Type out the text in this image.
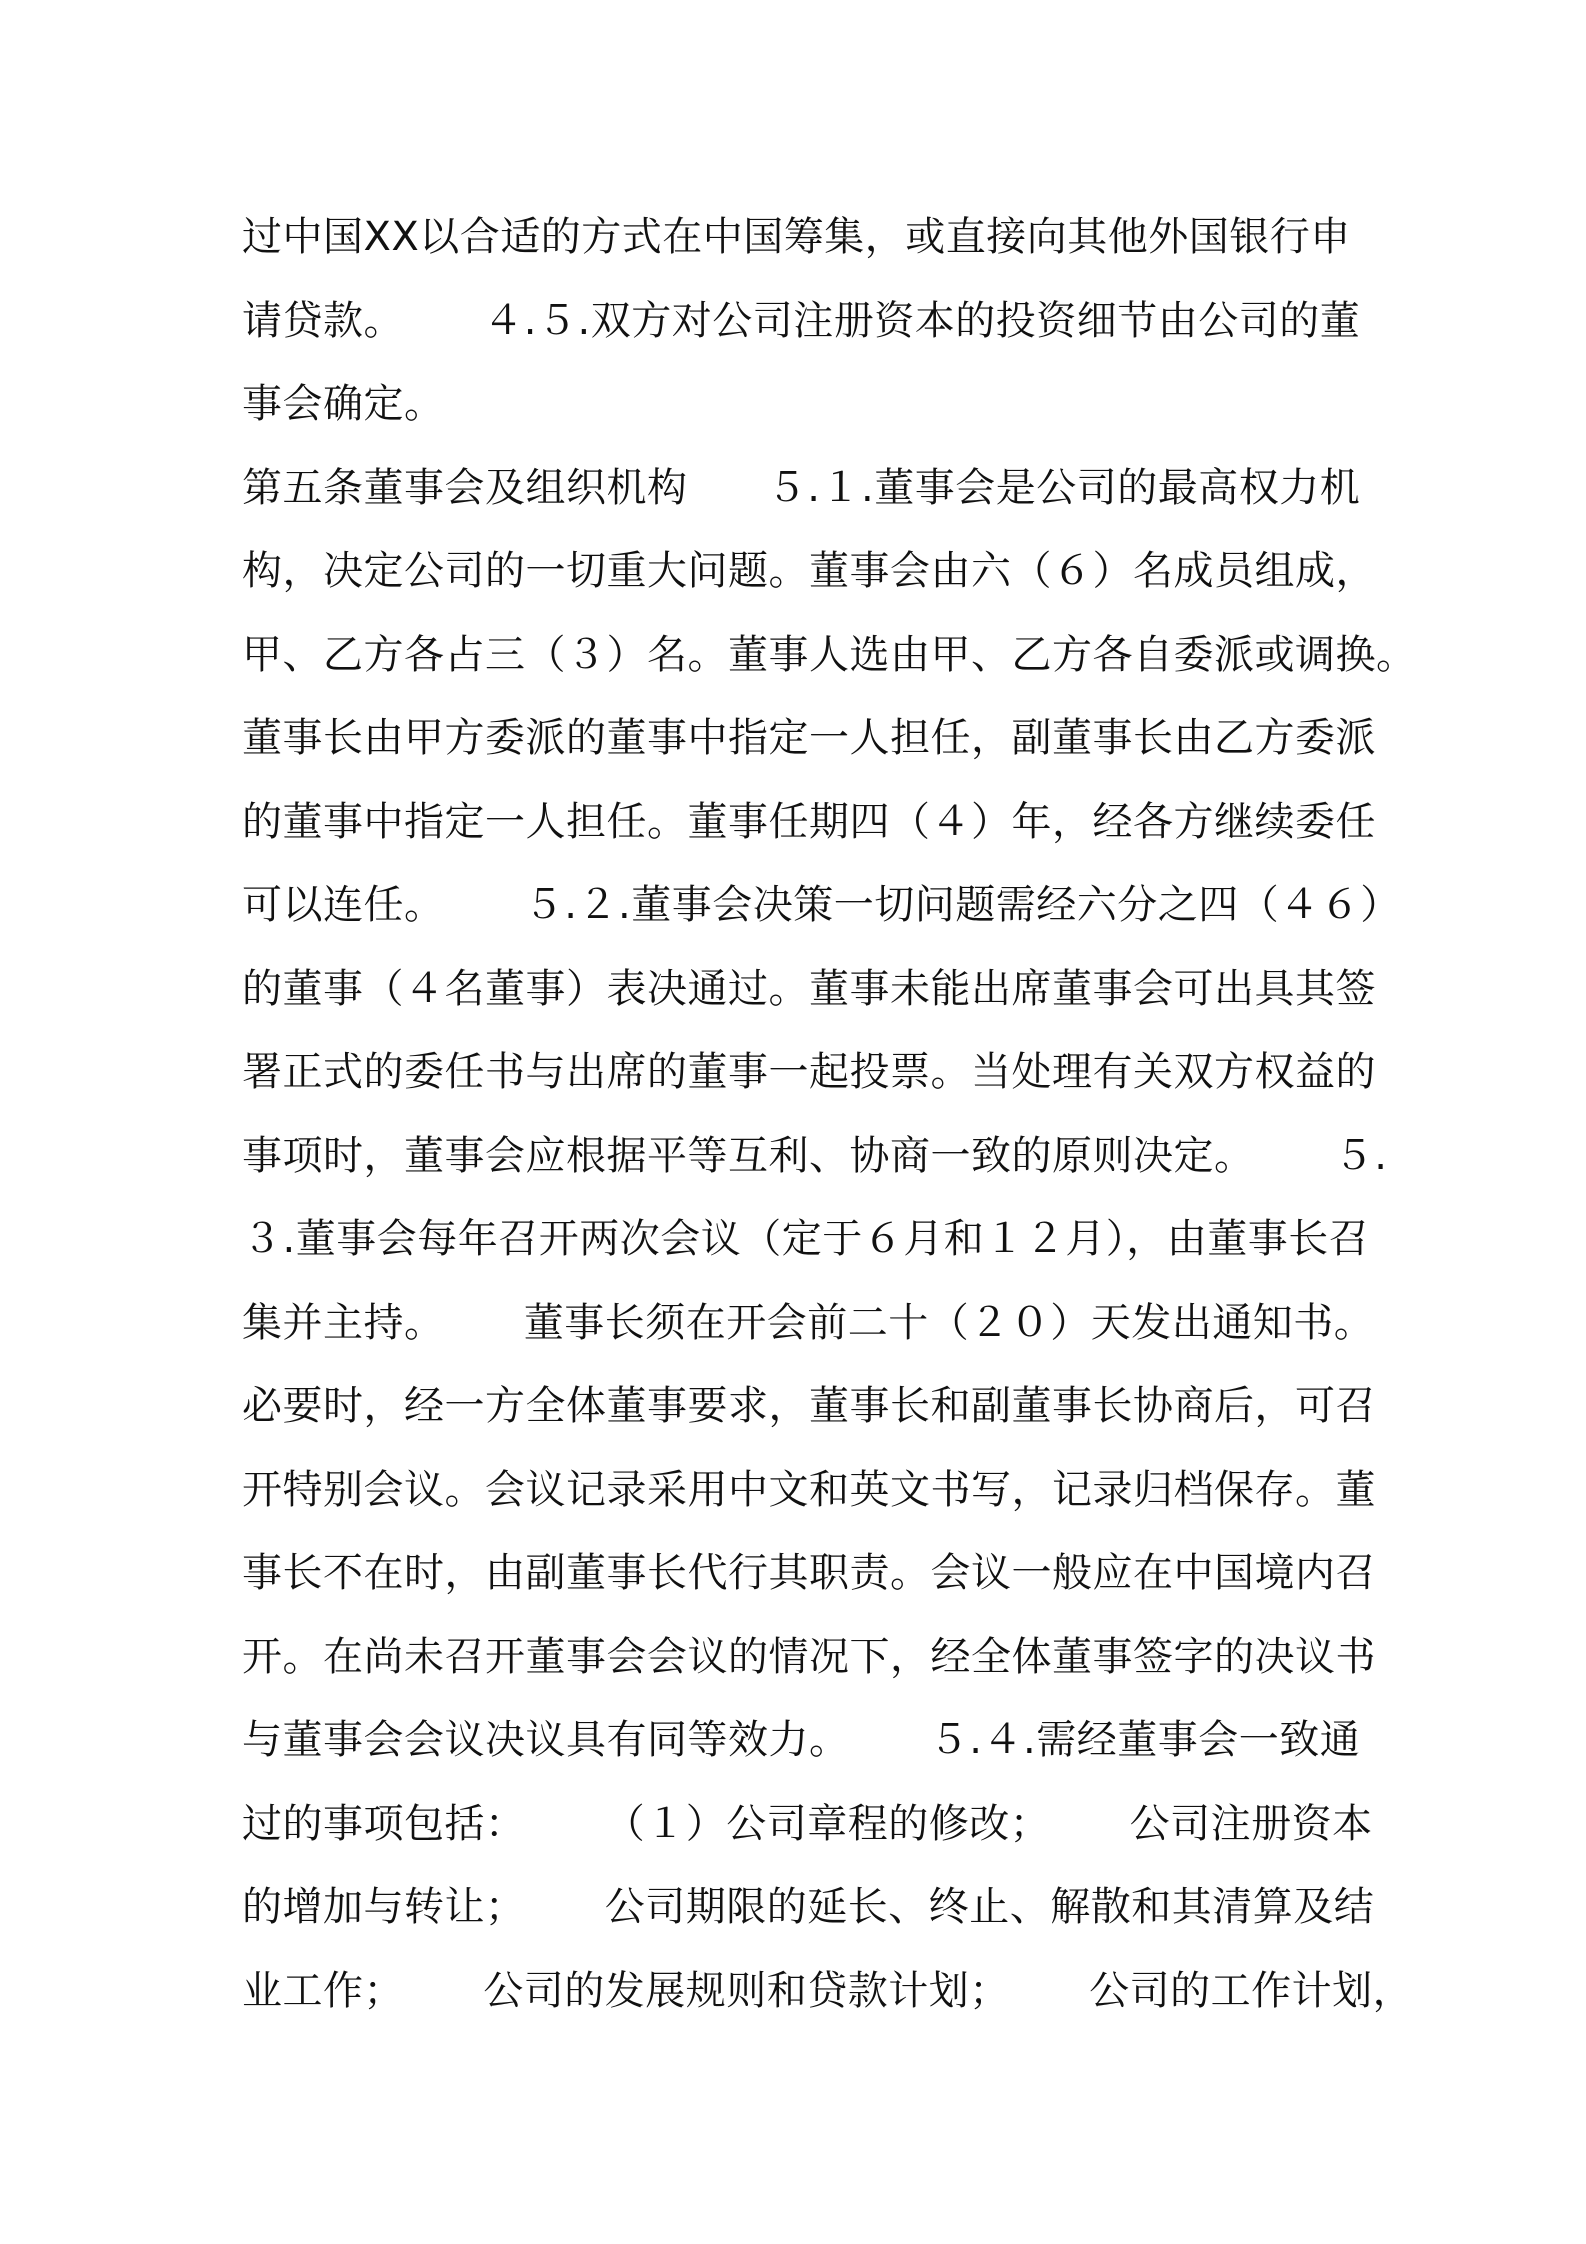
过中国XX以合适的方式在中国筹集，或直接向其他外国银行申
请贷款。      ４.５.双方对公司注册资本的投资细节由公司的董
事会确定。
第五条董事会及组织机构      ５.１.董事会是公司的最高权力机
构，决定公司的一切重大问题。董事会由六（６）名成员组成，
甲、乙方各占三（３）名。董事人选由甲、乙方各自委派或调换。
董事长由甲方委派的董事中指定一人担任，副董事长由乙方委派
的董事中指定一人担任。董事任期四（４）年，经各方继续委任
可以连任。      ５.２.董事会决策一切问题需经六分之四（４６）
的董事（４名董事）表决通过。董事未能出席董事会可出具其签
署正式的委任书与出席的董事一起投票。当处理有关双方权益的
事项时，董事会应根据平等互利、协商一致的原则决定。      ５.
３.董事会每年召开两次会议（定于６月和１２月），由董事长召
集并主持。      董事长须在开会前二十（２０）天发出通知书。
必要时，经一方全体董事要求，董事长和副董事长协商后，可召
开特别会议。会议记录采用中文和英文书写，记录归档保存。董
事长不在时，由副董事长代行其职责。会议一般应在中国境内召
开。在尚未召开董事会会议的情况下，经全体董事签字的决议书
与董事会会议决议具有同等效力。      ５.４.需经董事会一致通
过的事项包括：      （１）公司章程的修改；      公司注册资本
的增加与转让；      公司期限的延长、终止、解散和其清算及结
业工作；      公司的发展规则和贷款计划；      公司的工作计划，
